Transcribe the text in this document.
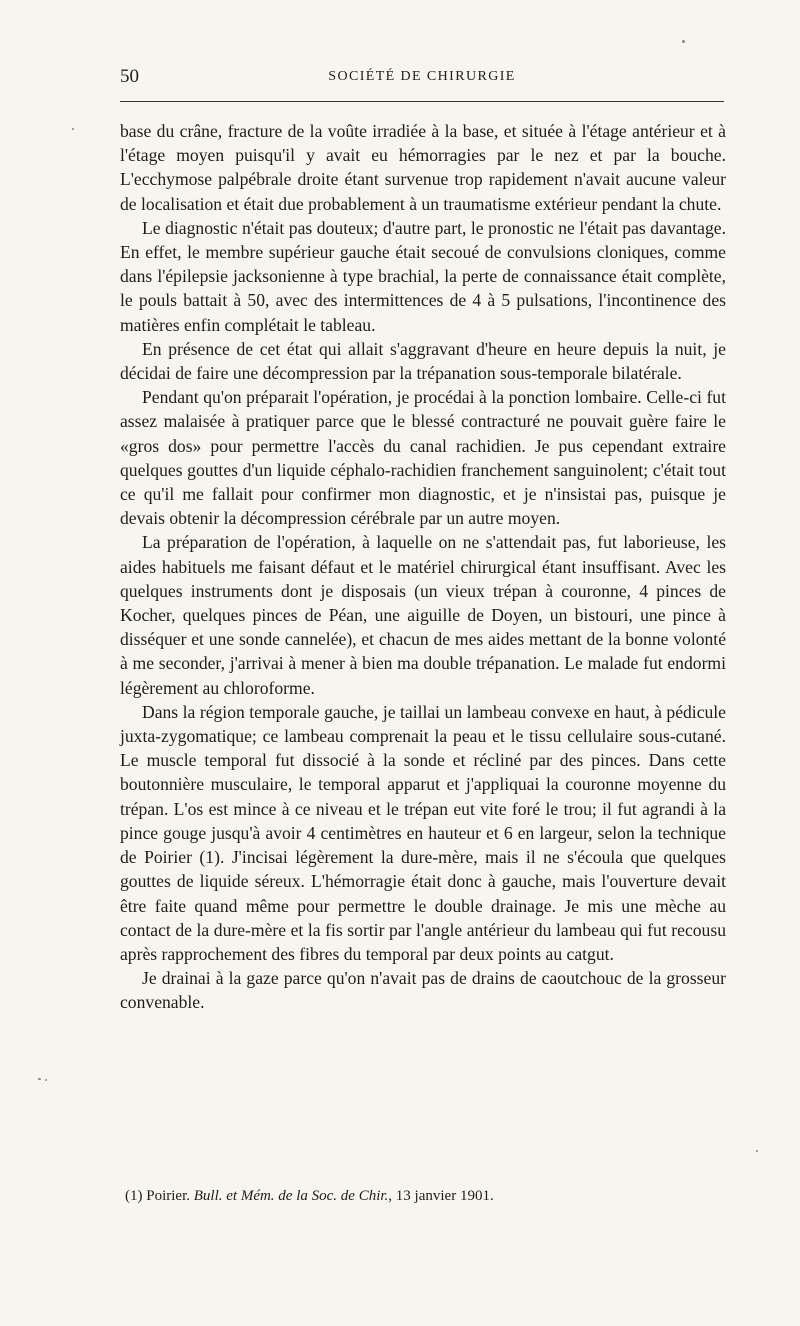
50	SOCIÉTÉ DE CHIRURGIE

base du crâne, fracture de la voûte irradiée à la base, et située à l'étage antérieur et à l'étage moyen puisqu'il y avait eu hémorragies par le nez et par la bouche. L'ecchymose palpébrale droite étant survenue trop rapidement n'avait aucune valeur de localisation et était due probablement à un traumatisme extérieur pendant la chute.

Le diagnostic n'était pas douteux; d'autre part, le pronostic ne l'était pas davantage. En effet, le membre supérieur gauche était secoué de convulsions cloniques, comme dans l'épilepsie jacksonienne à type brachial, la perte de connaissance était complète, le pouls battait à 50, avec des intermittences de 4 à 5 pulsations, l'incontinence des matières enfin complétait le tableau.

En présence de cet état qui allait s'aggravant d'heure en heure depuis la nuit, je décidai de faire une décompression par la trépanation sous-temporale bilatérale.

Pendant qu'on préparait l'opération, je procédai à la ponction lombaire. Celle-ci fut assez malaisée à pratiquer parce que le blessé contracturé ne pouvait guère faire le «gros dos» pour permettre l'accès du canal rachidien. Je pus cependant extraire quelques gouttes d'un liquide céphalo-rachidien franchement sanguinolent; c'était tout ce qu'il me fallait pour confirmer mon diagnostic, et je n'insistai pas, puisque je devais obtenir la décompression cérébrale par un autre moyen.

La préparation de l'opération, à laquelle on ne s'attendait pas, fut laborieuse, les aides habituels me faisant défaut et le matériel chirurgical étant insuffisant. Avec les quelques instruments dont je disposais (un vieux trépan à couronne, 4 pinces de Kocher, quelques pinces de Péan, une aiguille de Doyen, un bistouri, une pince à disséquer et une sonde cannelée), et chacun de mes aides mettant de la bonne volonté à me seconder, j'arrivai à mener à bien ma double trépanation. Le malade fut endormi légèrement au chloroforme.

Dans la région temporale gauche, je taillai un lambeau convexe en haut, à pédicule juxta-zygomatique; ce lambeau comprenait la peau et le tissu cellulaire sous-cutané. Le muscle temporal fut dissocié à la sonde et récliné par des pinces. Dans cette boutonnière musculaire, le temporal apparut et j'appliquai la couronne moyenne du trépan. L'os est mince à ce niveau et le trépan eut vite foré le trou; il fut agrandi à la pince gouge jusqu'à avoir 4 centimètres en hauteur et 6 en largeur, selon la technique de Poirier (1). J'incisai légèrement la dure-mère, mais il ne s'écoula que quelques gouttes de liquide séreux. L'hémorragie était donc à gauche, mais l'ouverture devait être faite quand même pour permettre le double drainage. Je mis une mèche au contact de la dure-mère et la fis sortir par l'angle antérieur du lambeau qui fut recousu après rapprochement des fibres du temporal par deux points au catgut.

Je drainai à la gaze parce qu'on n'avait pas de drains de caoutchouc de la grosseur convenable.

(1) Poirier. Bull. et Mém. de la Soc. de Chir., 13 janvier 1901.
